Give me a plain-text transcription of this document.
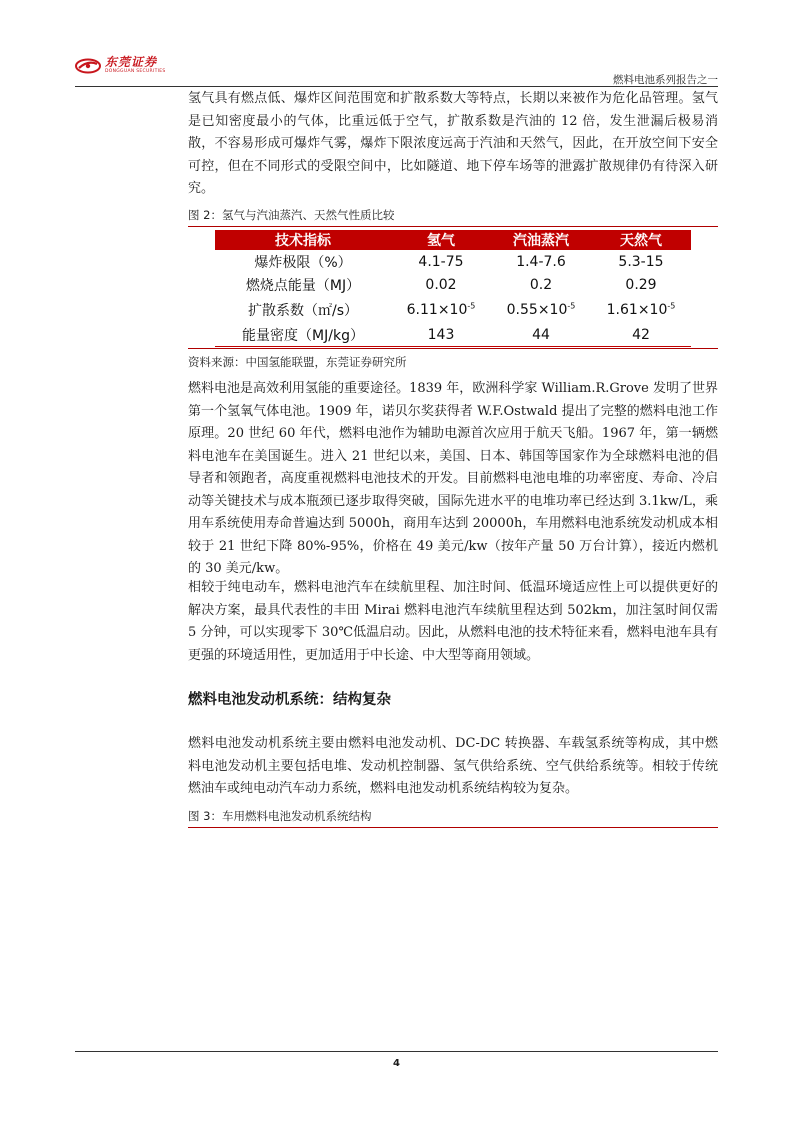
东莞证券
DONGGUAN SECURITIES
燃料电池系列报告之一

氢气具有燃点低、爆炸区间范围宽和扩散系数大等特点，长期以来被作为危化品管理。氢气是已知密度最小的气体，比重远低于空气，扩散系数是汽油的 12 倍，发生泄漏后极易消散，不容易形成可爆炸气雾，爆炸下限浓度远高于汽油和天然气，因此，在开放空间下安全可控，但在不同形式的受限空间中，比如隧道、地下停车场等的泄露扩散规律仍有待深入研究。

图 2：氢气与汽油蒸汽、天然气性质比较
技术指标	氢气	汽油蒸汽	天然气
爆炸极限（%）	4.1-75	1.4-7.6	5.3-15
燃烧点能量（MJ）	0.02	0.2	0.29
扩散系数（㎡/s）	$6.11\times 10^{-5}$	$0.55\times 10^{-5}$	$1.61\times 10^{-5}$
能量密度（MJ/kg）	143	44	42
资料来源：中国氢能联盟，东莞证券研究所

燃料电池是高效利用氢能的重要途径。1839 年，欧洲科学家 William.R.Grove 发明了世界第一个氢氧气体电池。1909 年，诺贝尔奖获得者 W.F.Ostwald 提出了完整的燃料电池工作原理。20 世纪 60 年代，燃料电池作为辅助电源首次应用于航天飞船。1967 年，第一辆燃料电池车在美国诞生。进入 21 世纪以来，美国、日本、韩国等国家作为全球燃料电池的倡导者和领跑者，高度重视燃料电池技术的开发。目前燃料电池电堆的功率密度、寿命、冷启动等关键技术与成本瓶颈已逐步取得突破，国际先进水平的电堆功率已经达到 3.1kw/L，乘用车系统使用寿命普遍达到 5000h，商用车达到 20000h，车用燃料电池系统发动机成本相较于 21 世纪下降 80%-95%，价格在 49 美元/kw（按年产量 50 万台计算），接近内燃机的 30 美元/kw。

相较于纯电动车，燃料电池汽车在续航里程、加注时间、低温环境适应性上可以提供更好的解决方案，最具代表性的丰田 Mirai 燃料电池汽车续航里程达到 502km，加注氢时间仅需 5 分钟，可以实现零下 30℃低温启动。因此，从燃料电池的技术特征来看，燃料电池车具有更强的环境适用性，更加适用于中长途、中大型等商用领域。

燃料电池发动机系统：结构复杂

燃料电池发动机系统主要由燃料电池发动机、DC-DC 转换器、车载氢系统等构成，其中燃料电池发动机主要包括电堆、发动机控制器、氢气供给系统、空气供给系统等。相较于传统燃油车或纯电动汽车动力系统，燃料电池发动机系统结构较为复杂。

图 3：车用燃料电池发动机系统结构
4
